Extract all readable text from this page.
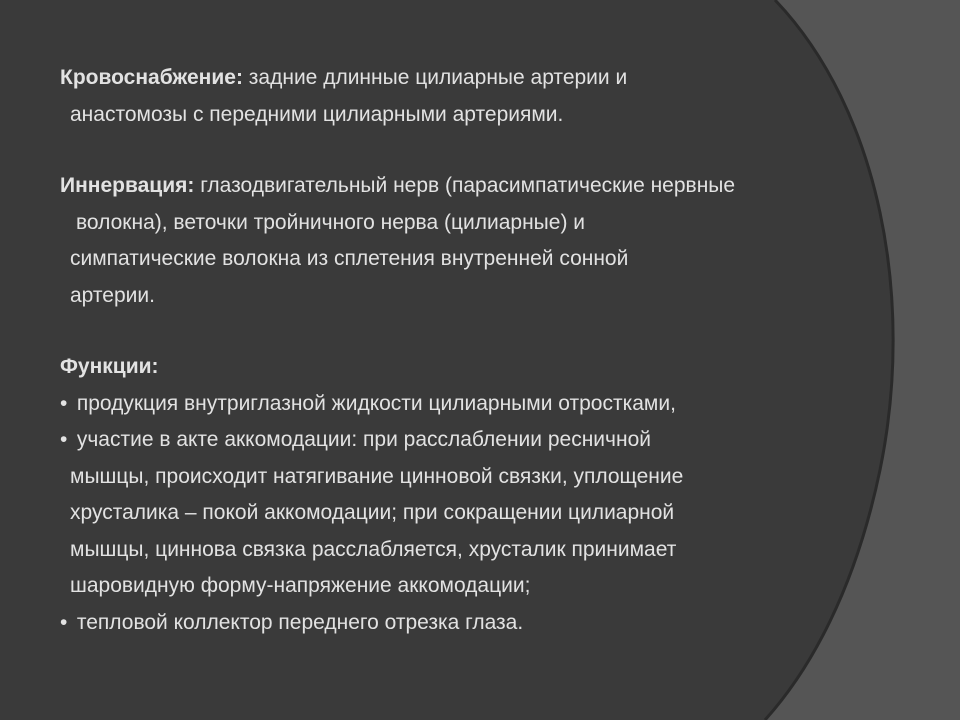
Кровоснабжение: задние длинные цилиарные артерии и
анастомозы с передними цилиарными артериями.
Иннервация: глазодвигательный нерв (парасимпатические нервные
волокна), веточки тройничного нерва (цилиарные) и
симпатические волокна из сплетения внутренней сонной
артерии.
Функции:
• продукция внутриглазной жидкости цилиарными отростками,
• участие в акте аккомодации: при расслаблении ресничной
мышцы, происходит натягивание цинновой связки, уплощение
хрусталика – покой аккомодации; при сокращении цилиарной
мышцы, циннова связка расслабляется, хрусталик принимает
шаровидную форму-напряжение аккомодации;
• тепловой коллектор переднего отрезка глаза.
